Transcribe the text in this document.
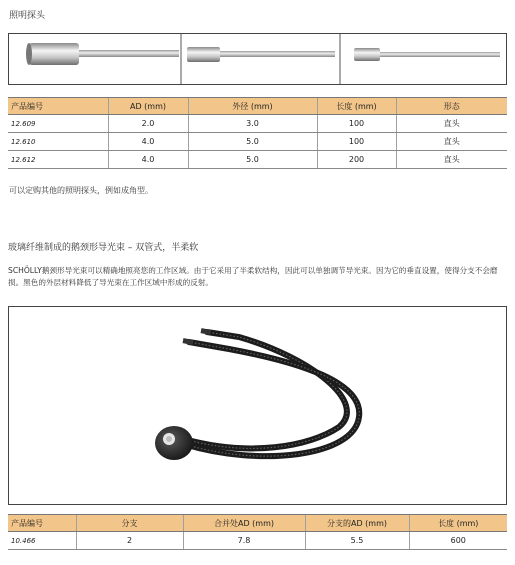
照明探头
产品编号	AD (mm)	外径 (mm)	长度 (mm)	形态
12.609	2.0	3.0	100	直头
12.610	4.0	5.0	100	直头
12.612	4.0	5.0	200	直头
可以定购其他的照明探头，例如成角型。
玻璃纤维制成的鹅颈形导光束 – 双管式，半柔软
SCHÖLLY鹅颈形导光束可以精确地照亮您的工作区域。由于它采用了半柔软结构，因此可以单独调节导光束。因为它的垂直设置，使得分支不会磨损。黑色的外层材料降低了导光束在工作区域中形成的反射。
产品编号	分支	合并处AD (mm)	分支的AD (mm)	长度 (mm)
10.466	2	7.8	5.5	600
